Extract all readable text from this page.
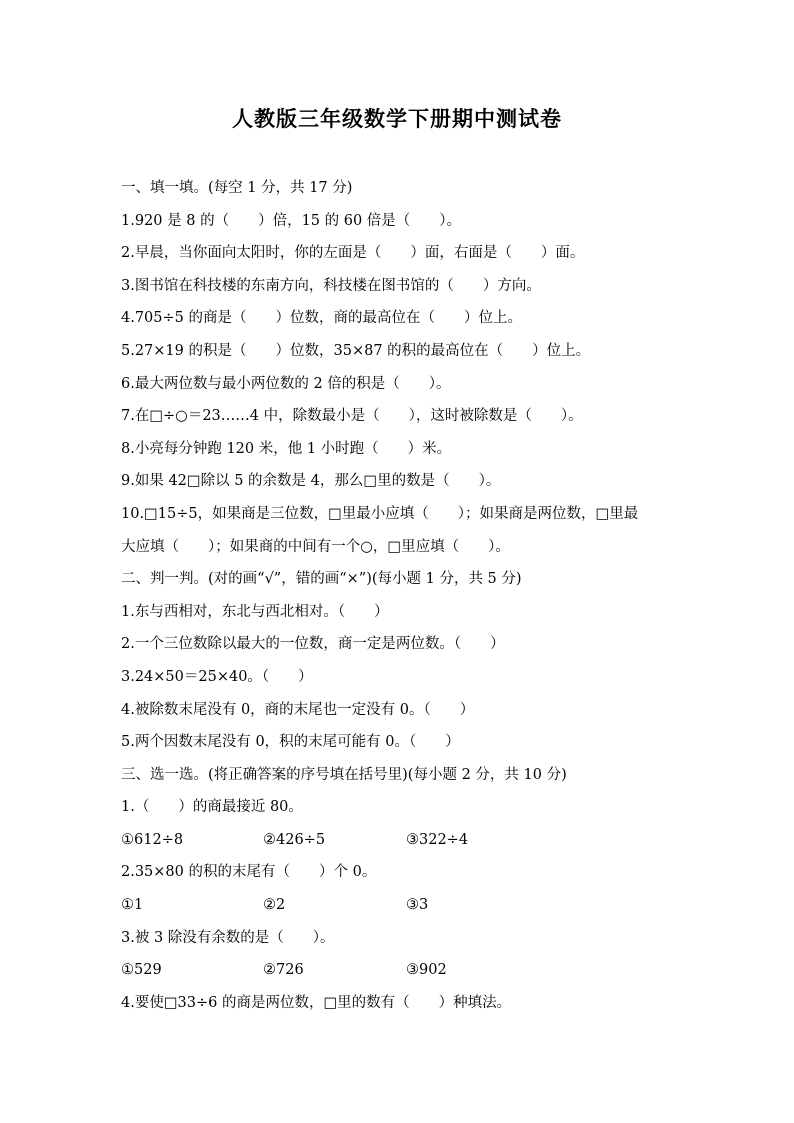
人教版三年级数学下册期中测试卷
一、填一填。(每空 1 分，共 17 分)
1.920 是 8 的（　　）倍，15 的 60 倍是（　　）。
2.早晨，当你面向太阳时，你的左面是（　　）面，右面是（　　）面。
3.图书馆在科技楼的东南方向，科技楼在图书馆的（　　）方向。
4.705÷5 的商是（　　）位数，商的最高位在（　　）位上。
5.27×19 的积是（　　）位数，35×87 的积的最高位在（　　）位上。
6.最大两位数与最小两位数的 2 倍的积是（　　）。
7.在□÷○＝23……4 中，除数最小是（　　），这时被除数是（　　）。
8.小亮每分钟跑 120 米，他 1 小时跑（　　）米。
9.如果 42□除以 5 的余数是 4，那么□里的数是（　　）。
10.□15÷5，如果商是三位数，□里最小应填（　　）；如果商是两位数，□里最
大应填（　　）；如果商的中间有一个○，□里应填（　　）。
二、判一判。(对的画“√”，错的画“×”)(每小题 1 分，共 5 分)
1.东与西相对，东北与西北相对。（　　）
2.一个三位数除以最大的一位数，商一定是两位数。（　　）
3.24×50＝25×40。（　　）
4.被除数末尾没有 0，商的末尾也一定没有 0。（　　）
5.两个因数末尾没有 0，积的末尾可能有 0。（　　）
三、选一选。(将正确答案的序号填在括号里)(每小题 2 分，共 10 分)
1.（　　）的商最接近 80。
①612÷8	②426÷5	③322÷4
2.35×80 的积的末尾有（　　）个 0。
①1	②2	③3
3.被 3 除没有余数的是（　　）。
①529	②726	③902
4.要使□33÷6 的商是两位数，□里的数有（　　）种填法。
